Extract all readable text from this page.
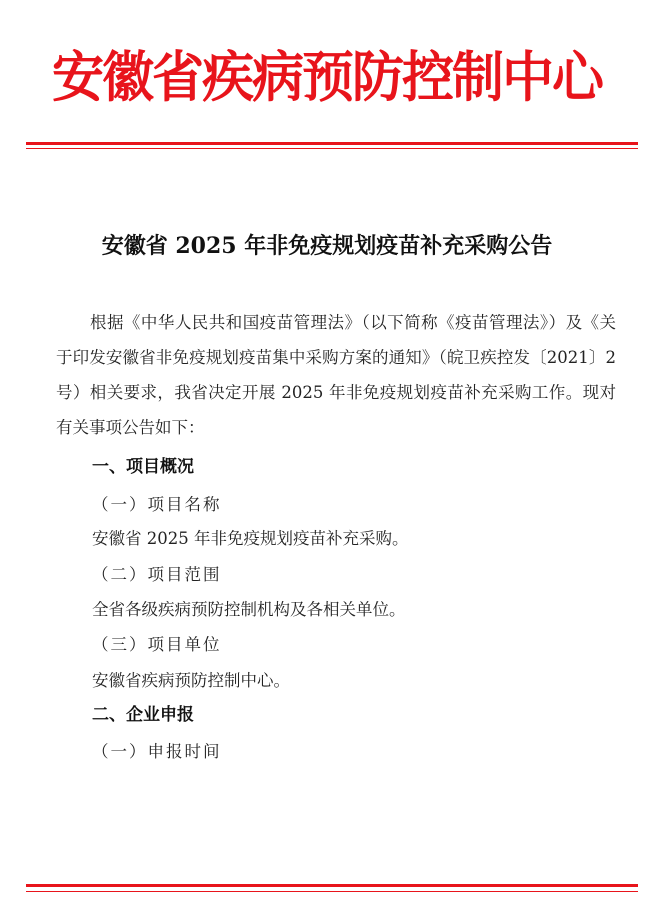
安徽省疾病预防控制中心
安徽省 2025 年非免疫规划疫苗补充采购公告
根据《中华人民共和国疫苗管理法》（以下简称《疫苗管理法》）及《关于印发安徽省非免疫规划疫苗集中采购方案的通知》（皖卫疾控发〔2021〕2 号）相关要求，我省决定开展 2025 年非免疫规划疫苗补充采购工作。现对有关事项公告如下：
一、项目概况
（一）项目名称
安徽省 2025 年非免疫规划疫苗补充采购。
（二）项目范围
全省各级疾病预防控制机构及各相关单位。
（三）项目单位
安徽省疾病预防控制中心。
二、企业申报
（一）申报时间
